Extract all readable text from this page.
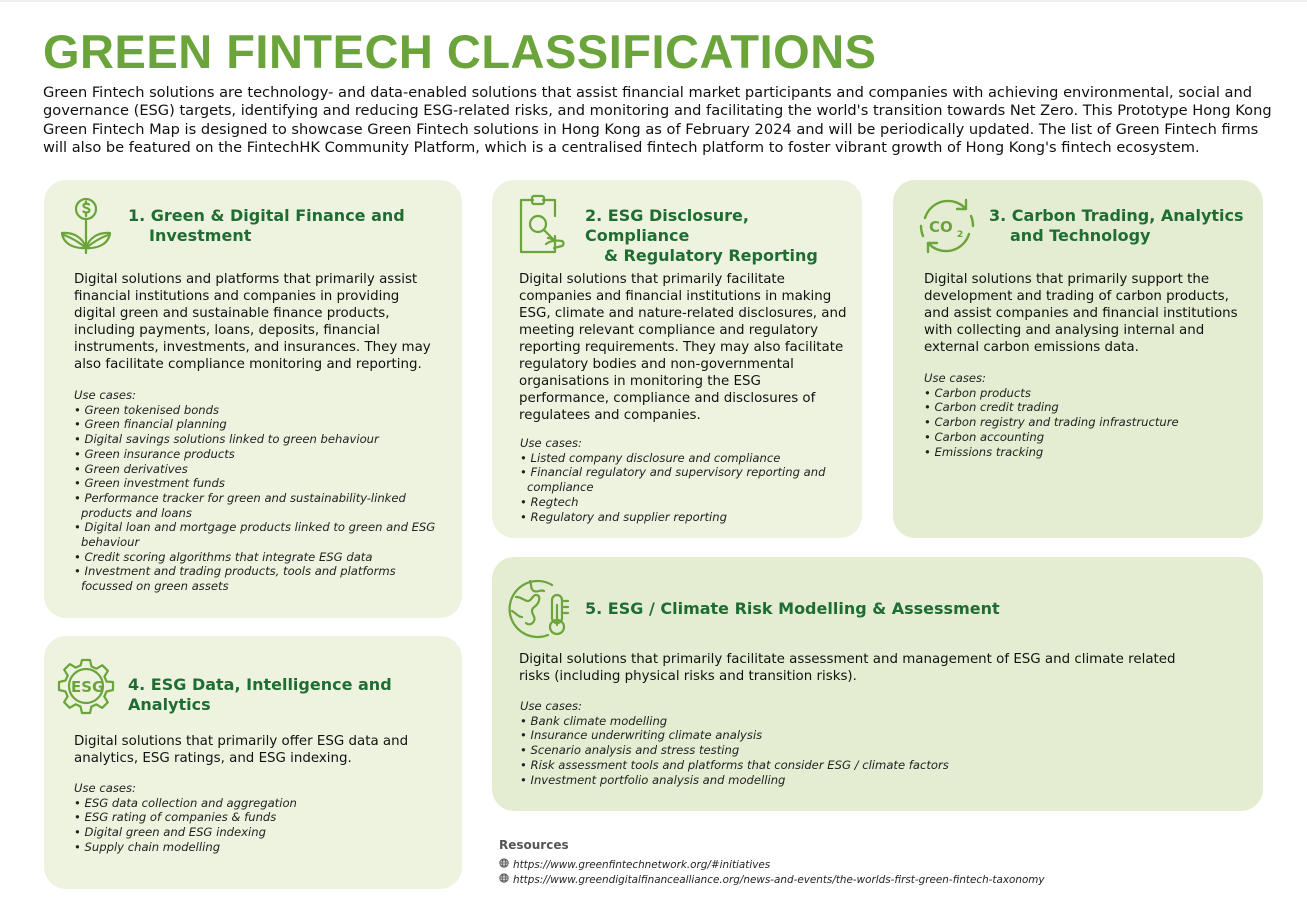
GREEN FINTECH CLASSIFICATIONS

Green Fintech solutions are technology- and data-enabled solutions that assist financial market participants and companies with achieving environmental, social and governance (ESG) targets, identifying and reducing ESG-related risks, and monitoring and facilitating the world's transition towards Net Zero. This Prototype Hong Kong Green Fintech Map is designed to showcase Green Fintech solutions in Hong Kong as of February 2024 and will be periodically updated. The list of Green Fintech firms will also be featured on the FintechHK Community Platform, which is a centralised fintech platform to foster vibrant growth of Hong Kong's fintech ecosystem.

1. Green & Digital Finance and
Investment

Digital solutions and platforms that primarily assist financial institutions and companies in providing digital green and sustainable finance products, including payments, loans, deposits, financial instruments, investments, and insurances. They may also facilitate compliance monitoring and reporting.

Use cases:
• Green tokenised bonds
• Green financial planning
• Digital savings solutions linked to green behaviour
• Green insurance products
• Green derivatives
• Green investment funds
• Performance tracker for green and sustainability-linked products and loans
• Digital loan and mortgage products linked to green and ESG behaviour
• Credit scoring algorithms that integrate ESG data
• Investment and trading products, tools and platforms focussed on green assets
2. ESG Disclosure, Compliance
& Regulatory Reporting

Digital solutions that primarily facilitate companies and financial institutions in making ESG, climate and nature-related disclosures, and meeting relevant compliance and regulatory reporting requirements. They may also facilitate regulatory bodies and non-governmental organisations in monitoring the ESG performance, compliance and disclosures of regulatees and companies.

Use cases:
• Listed company disclosure and compliance
• Financial regulatory and supervisory reporting and compliance
• Regtech
• Regulatory and supplier reporting
CO 2
3. Carbon Trading, Analytics
and Technology

Digital solutions that primarily support the development and trading of carbon products, and assist companies and financial institutions with collecting and analysing internal and external carbon emissions data.

Use cases:
• Carbon products
• Carbon credit trading
• Carbon registry and trading infrastructure
• Carbon accounting
• Emissions tracking
ESG 4. ESG Data, Intelligence and Analytics

Digital solutions that primarily offer ESG data and analytics, ESG ratings, and ESG indexing.

Use cases:
• ESG data collection and aggregation
• ESG rating of companies & funds
• Digital green and ESG indexing
• Supply chain modelling
5. ESG / Climate Risk Modelling & Assessment

Digital solutions that primarily facilitate assessment and management of ESG and climate related risks (including physical risks and transition risks).

Use cases:
• Bank climate modelling
• Insurance underwriting climate analysis
• Scenario analysis and stress testing
• Risk assessment tools and platforms that consider ESG / climate factors
• Investment portfolio analysis and modelling
Resources
https://www.greenfintechnetwork.org/#initiatives
https://www.greendigitalfinancealliance.org/news-and-events/the-worlds-first-green-fintech-taxonomy
